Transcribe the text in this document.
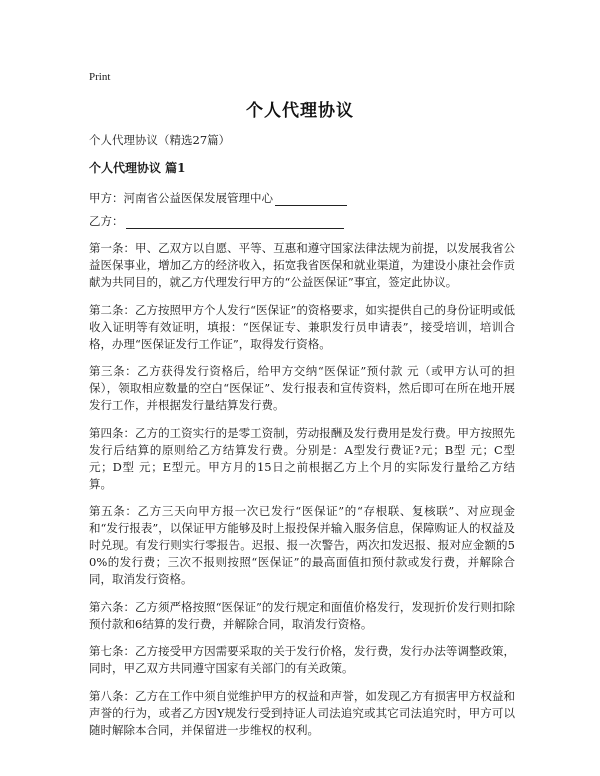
Print
个人代理协议
个人代理协议（精选27篇）
个人代理协议 篇1
甲方：河南省公益医保发展管理中心
乙方：

第一条：甲、乙双方以自愿、平等、互惠和遵守国家法律法规为前提，以发展我省公益医保事业，增加乙方的经济收入，拓宽我省医保和就业渠道，为建设小康社会作贡献为共同目的，就乙方代理发行甲方的“公益医保证”事宜，签定此协议。

第二条：乙方按照甲方个人发行“医保证”的资格要求，如实提供自己的身份证明或低收入证明等有效证明，填报：“医保证专、兼职发行员申请表”，接受培训，培训合格，办理“医保证发行工作证”，取得发行资格。

第三条：乙方获得发行资格后，给甲方交纳“医保证”预付款 元（或甲方认可的担保），领取相应数量的空白“医保证”、发行报表和宣传资料，然后即可在所在地开展发行工作，并根据发行量结算发行费。

第四条：乙方的工资实行的是零工资制，劳动报酬及发行费用是发行费。甲方按照先发行后结算的原则给乙方结算发行费。分别是：A型发行费证?元；B型 元；C型元；D型 元；E型元。甲方月的15日之前根据乙方上个月的实际发行量给乙方结算。

第五条：乙方三天向甲方报一次已发行“医保证”的“存根联、复核联”、对应现金和“发行报表”，以保证甲方能够及时上报投保并输入服务信息，保障购证人的权益及时兑现。有发行则实行零报告。迟报、报一次警告，两次扣发迟报、报对应金额的50%的发行费；三次不报则按照“医保证”的最高面值扣预付款或发行费，并解除合同，取消发行资格。

第六条：乙方须严格按照“医保证”的发行规定和面值价格发行，发现折价发行则扣除预付款和6结算的发行费，并解除合同，取消发行资格。

第七条：乙方接受甲方因需要采取的关于发行价格，发行费，发行办法等调整政策，同时，甲乙双方共同遵守国家有关部门的有关政策。

第八条：乙方在工作中须自觉维护甲方的权益和声誉，如发现乙方有损害甲方权益和声誉的行为，或者乙方因Y规发行受到持证人司法追究或其它司法追究时，甲方可以随时解除本合同，并保留进一步维权的权利。
